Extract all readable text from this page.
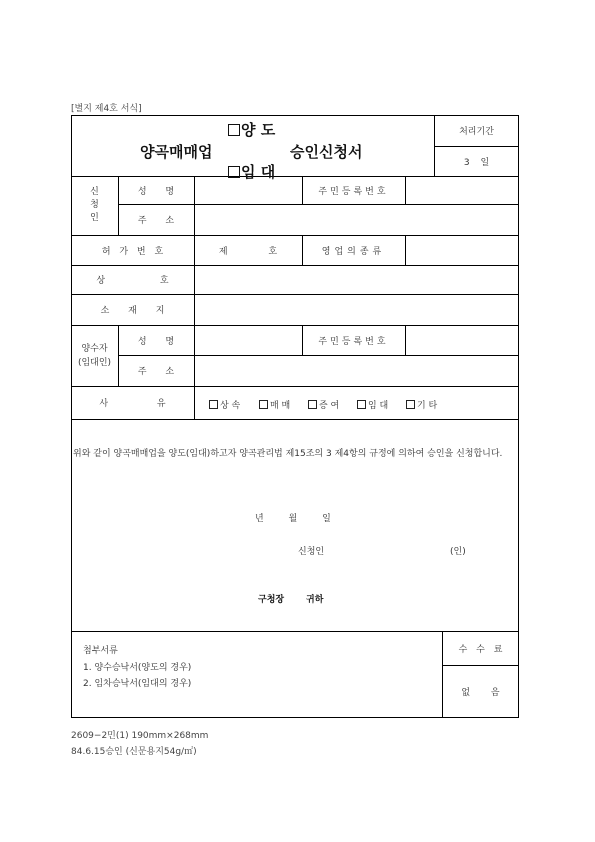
[별지 제4호 서식]
양 도
양곡매매업	승인신청서
임 대
처리기간
3 일
신
청
인
성 명	주민등록번호
주 소
허 가 번 호	제 호	영업의종류
상 호
소 재 지
양수자
(임대인)
성 명	주민등록번호
주 소
사 유	상 속	매 매	증 여	임 대	기 타
위와 같이 양곡매매업을 양도(임대)하고자 양곡관리법 제15조의 3 제4항의 규정에 의하여 승인을 신청합니다.
년 월 일
신청인	(인)
구청장 귀하
첨부서류
1. 양수승낙서(양도의 경우)
2. 임차승낙서(임대의 경우)
수 수 료
없 음
2609−2민(1) 190mm×268mm
84.6.15승인 (신문용지54g/㎡)
